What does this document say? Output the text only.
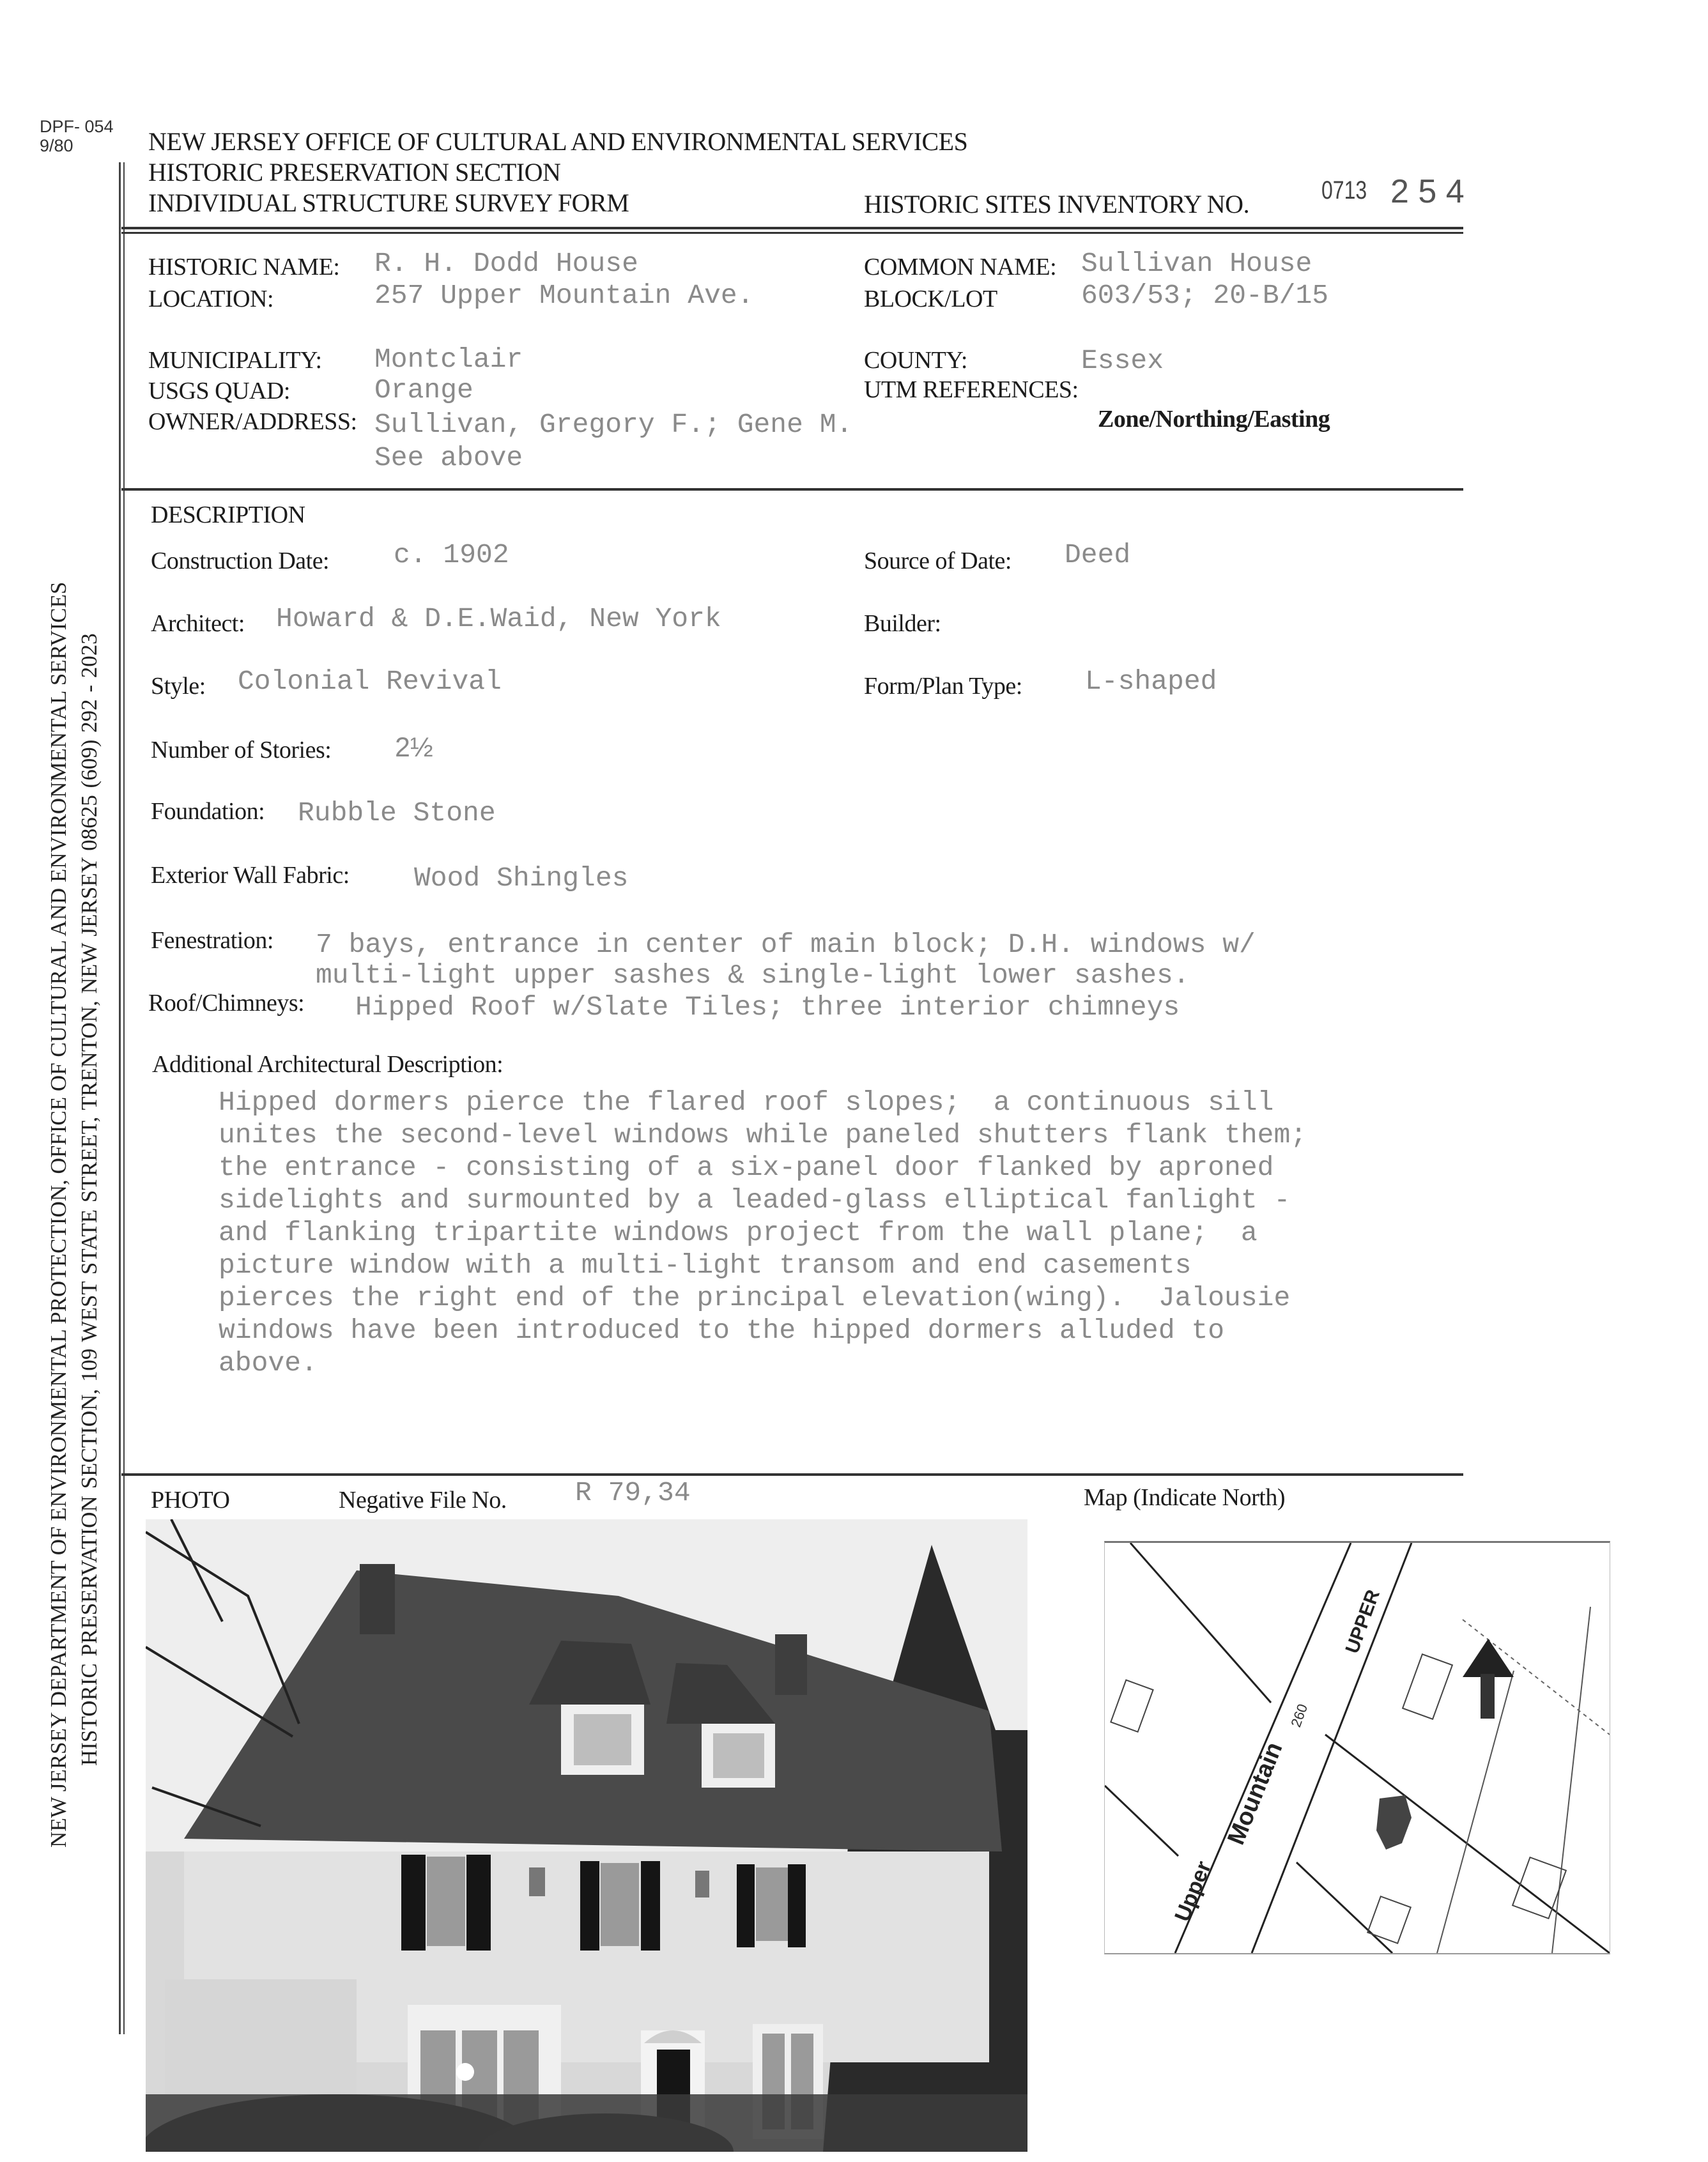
DPF- 054
9/80	NEW JERSEY OFFICE OF CULTURAL AND ENVIRONMENTAL SERVICES
HISTORIC PRESERVATION SECTION
INDIVIDUAL STRUCTURE SURVEY FORM	HISTORIC SITES INVENTORY NO.	0713 2 5 4
NEW JERSEY DEPARTMENT OF ENVIRONMENTAL PROTECTION, OFFICE OF CULTURAL AND ENVIRONMENTAL SERVICES HISTORIC PRESERVATION SECTION, 109 WEST STATE STREET, TRENTON, NEW JERSEY 08625 (609) 292 - 2023
HISTORIC NAME: R. H. Dodd House
LOCATION:	257 Upper Mountain Ave.
COMMON NAME: Sullivan House
BLOCK/LOT	603/53; 20-B/15
MUNICIPALITY: Montclair
USGS QUAD:	Orange
OWNER/ADDRESS: Sullivan, Gregory F.; Gene M.
See above
COUNTY:	Essex
UTM REFERENCES:
Zone/Northing/Easting
DESCRIPTION
Construction Date: c. 1902	Source of Date: Deed
Architect: Howard & D.E.Waid, New York	Builder:
Style: Colonial Revival	Form/Plan Type: L-shaped
Number of Stories: 2½
Foundation: Rubble Stone
Exterior Wall Fabric: Wood Shingles
Fenestration: 7 bays, entrance in center of main block; D.H. windows w/
multi-light upper sashes & single-light lower sashes.
Roof/Chimneys: Hipped Roof w/Slate Tiles; three interior chimneys
Additional Architectural Description:
Hipped dormers pierce the flared roof slopes;  a continuous sill
unites the second-level windows while paneled shutters flank them;
the entrance - consisting of a six-panel door flanked by aproned
sidelights and surmounted by a leaded-glass elliptical fanlight -
and flanking tripartite windows project from the wall plane;  a
picture window with a multi-light transom and end casements
pierces the right end of the principal elevation(wing).  Jalousie
windows have been introduced to the hipped dormers alluded to
above.
PHOTO	Negative File No. R 79,34	Map (Indicate North)
UPPER
260
Mountain
Upper
